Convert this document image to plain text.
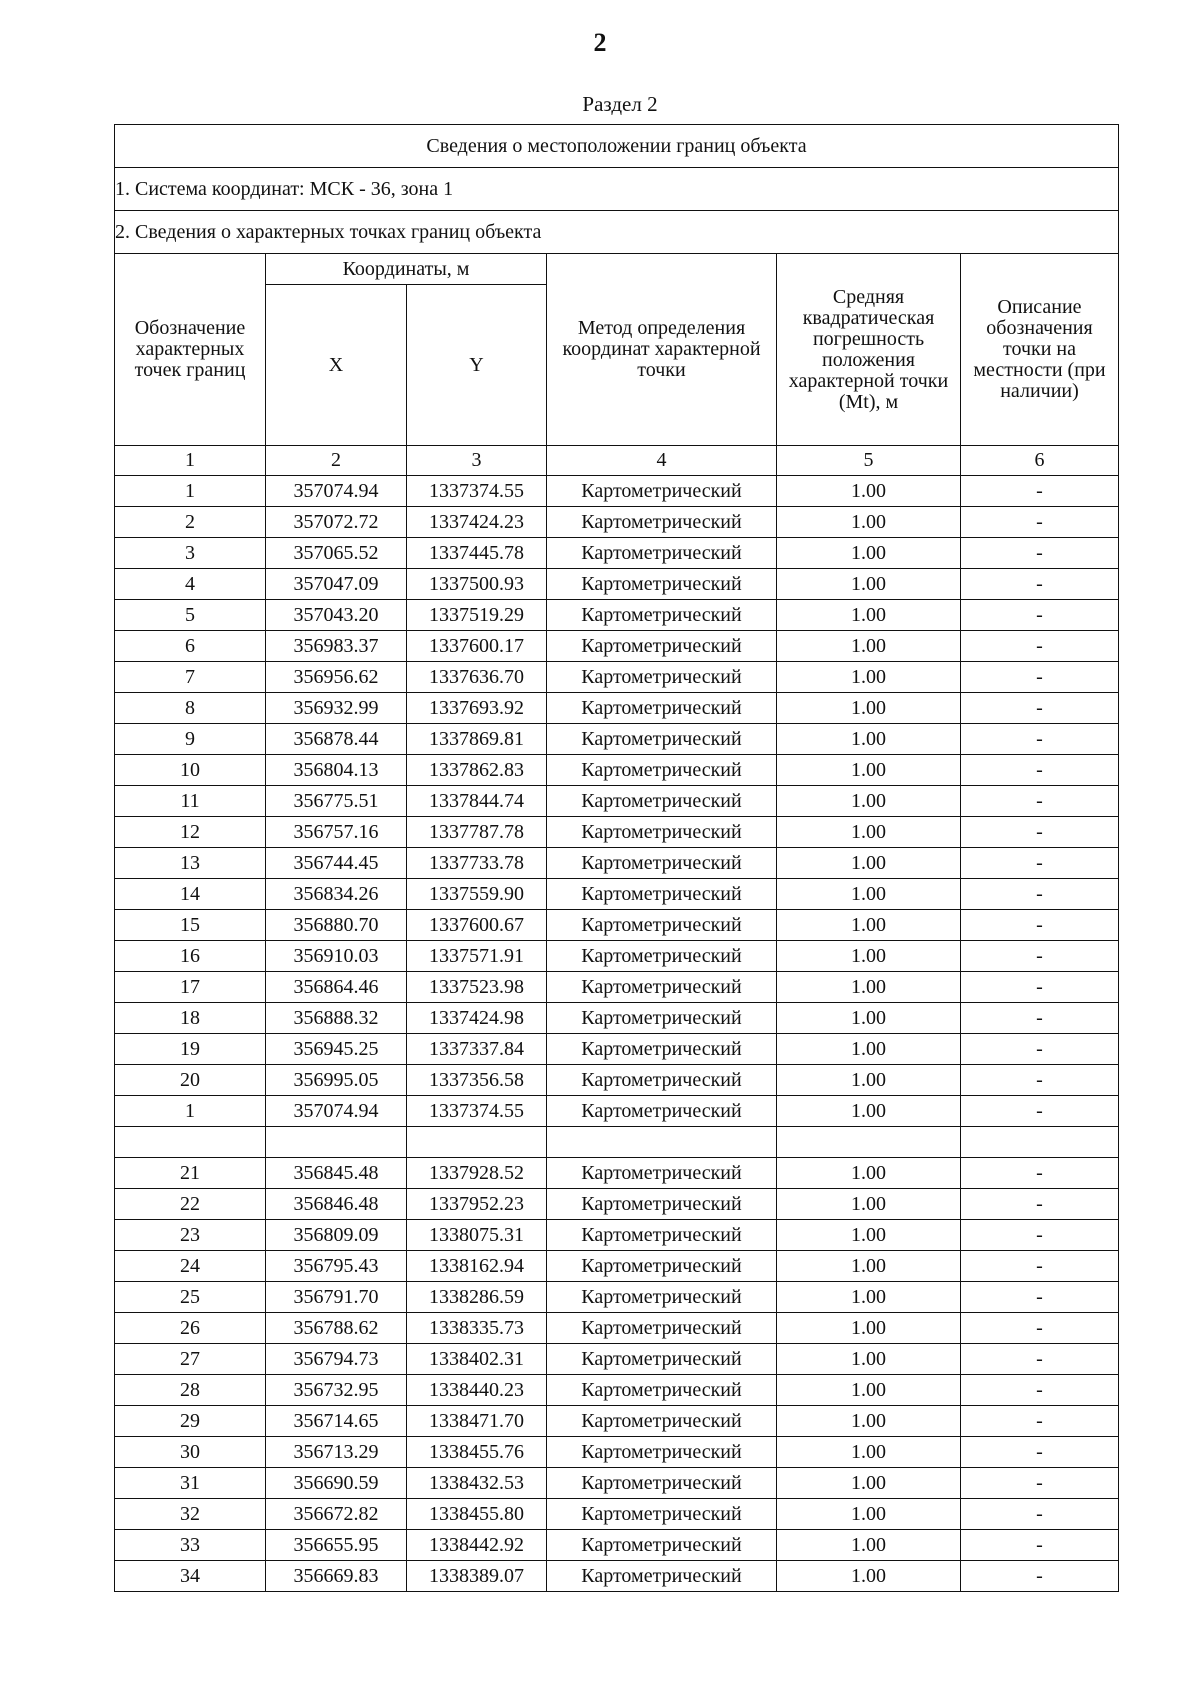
2
Раздел 2
Сведения о местоположении границ объекта					
1. Система координат: МСК - 36, зона 1					
2. Сведения о характерных точках границ объекта					
Обозначение характерных точек границ	Координаты, м		Метод определения координат характерной точки	Средняя квадратическая погрешность положения характерной точки (Mt), м	Описание обозначения точки на местности (при наличии)
	X	Y			
1	2	3	4	5	6
1	357074.94	1337374.55	Картометрический	1.00	-
2	357072.72	1337424.23	Картометрический	1.00	-
3	357065.52	1337445.78	Картометрический	1.00	-
4	357047.09	1337500.93	Картометрический	1.00	-
5	357043.20	1337519.29	Картометрический	1.00	-
6	356983.37	1337600.17	Картометрический	1.00	-
7	356956.62	1337636.70	Картометрический	1.00	-
8	356932.99	1337693.92	Картометрический	1.00	-
9	356878.44	1337869.81	Картометрический	1.00	-
10	356804.13	1337862.83	Картометрический	1.00	-
11	356775.51	1337844.74	Картометрический	1.00	-
12	356757.16	1337787.78	Картометрический	1.00	-
13	356744.45	1337733.78	Картометрический	1.00	-
14	356834.26	1337559.90	Картометрический	1.00	-
15	356880.70	1337600.67	Картометрический	1.00	-
16	356910.03	1337571.91	Картометрический	1.00	-
17	356864.46	1337523.98	Картометрический	1.00	-
18	356888.32	1337424.98	Картометрический	1.00	-
19	356945.25	1337337.84	Картометрический	1.00	-
20	356995.05	1337356.58	Картометрический	1.00	-
1	357074.94	1337374.55	Картометрический	1.00	-

21	356845.48	1337928.52	Картометрический	1.00	-
22	356846.48	1337952.23	Картометрический	1.00	-
23	356809.09	1338075.31	Картометрический	1.00	-
24	356795.43	1338162.94	Картометрический	1.00	-
25	356791.70	1338286.59	Картометрический	1.00	-
26	356788.62	1338335.73	Картометрический	1.00	-
27	356794.73	1338402.31	Картометрический	1.00	-
28	356732.95	1338440.23	Картометрический	1.00	-
29	356714.65	1338471.70	Картометрический	1.00	-
30	356713.29	1338455.76	Картометрический	1.00	-
31	356690.59	1338432.53	Картометрический	1.00	-
32	356672.82	1338455.80	Картометрический	1.00	-
33	356655.95	1338442.92	Картометрический	1.00	-
34	356669.83	1338389.07	Картометрический	1.00	-
